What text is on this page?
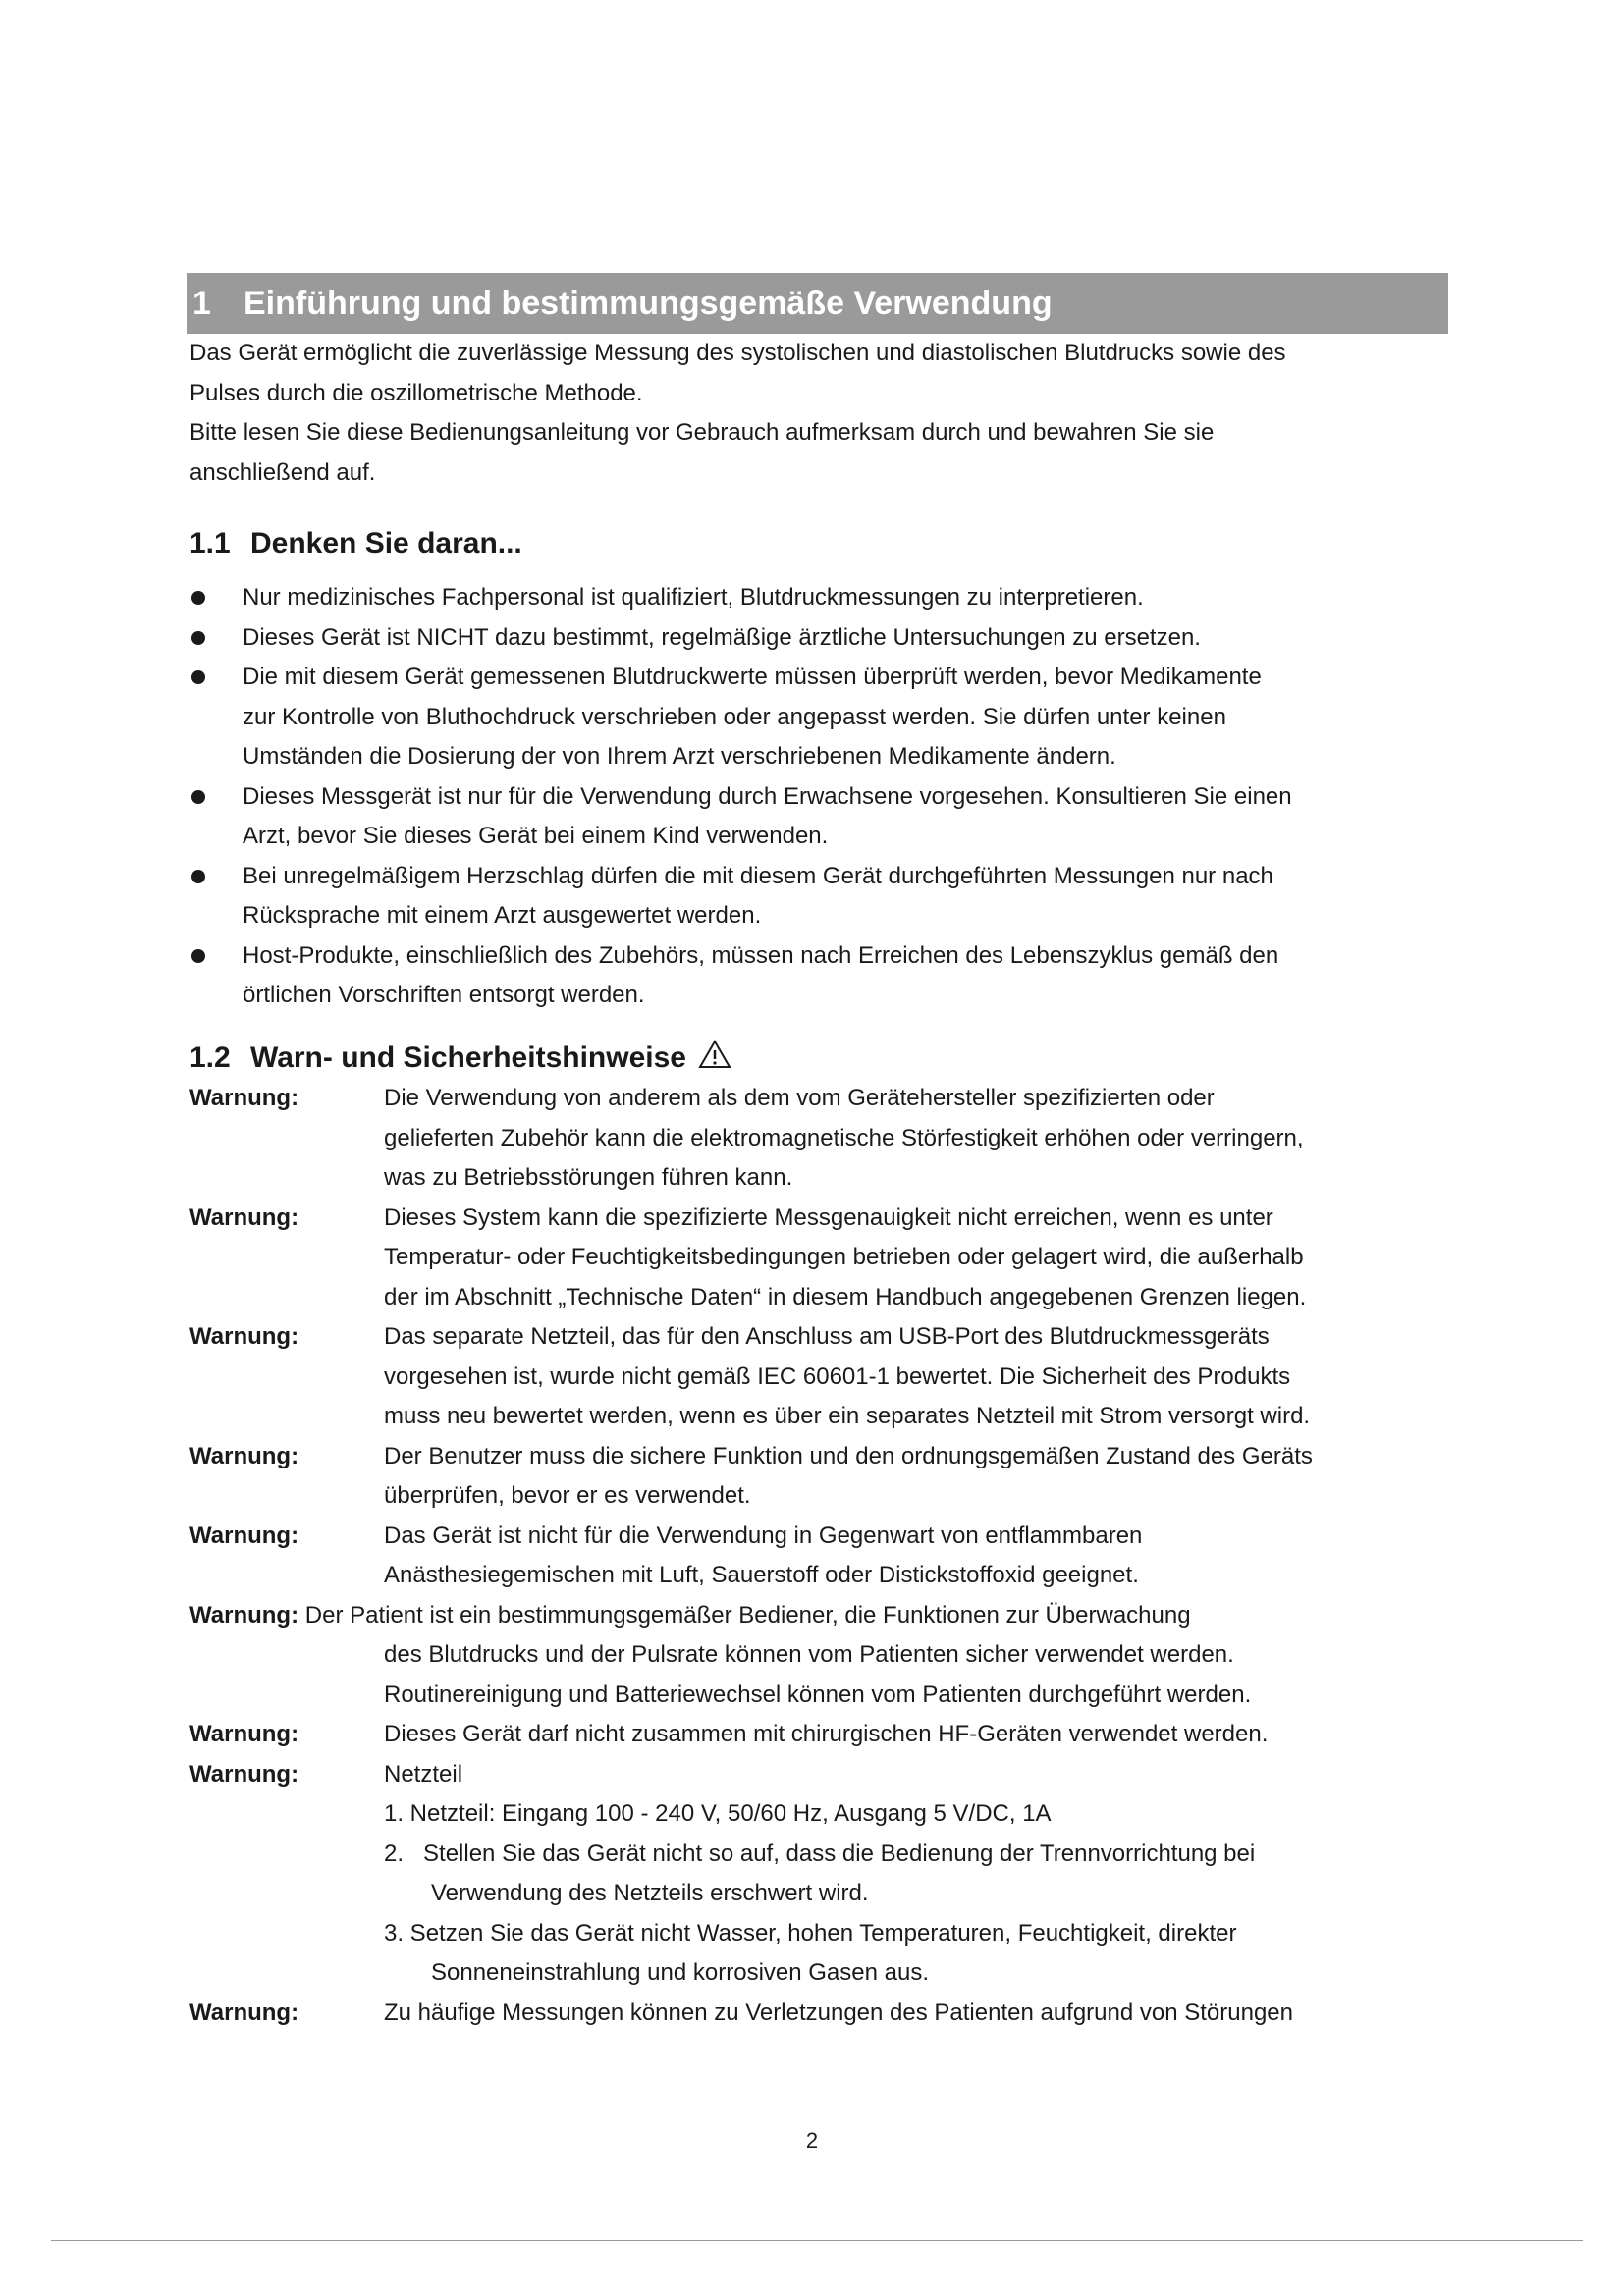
1 Einführung und bestimmungsgemäße Verwendung

Das Gerät ermöglicht die zuverlässige Messung des systolischen und diastolischen Blutdrucks sowie des

Pulses durch die oszillometrische Methode.

Bitte lesen Sie diese Bedienungsanleitung vor Gebrauch aufmerksam durch und bewahren Sie sie

anschließend auf.

1.1 Denken Sie daran...
Nur medizinisches Fachpersonal ist qualifiziert, Blutdruckmessungen zu interpretieren.
Dieses Gerät ist NICHT dazu bestimmt, regelmäßige ärztliche Untersuchungen zu ersetzen.
Die mit diesem Gerät gemessenen Blutdruckwerte müssen überprüft werden, bevor Medikamente
zur Kontrolle von Bluthochdruck verschrieben oder angepasst werden. Sie dürfen unter keinen
Umständen die Dosierung der von Ihrem Arzt verschriebenen Medikamente ändern.
Dieses Messgerät ist nur für die Verwendung durch Erwachsene vorgesehen. Konsultieren Sie einen
Arzt, bevor Sie dieses Gerät bei einem Kind verwenden.
Bei unregelmäßigem Herzschlag dürfen die mit diesem Gerät durchgeführten Messungen nur nach
Rücksprache mit einem Arzt ausgewertet werden.
Host-Produkte, einschließlich des Zubehörs, müssen nach Erreichen des Lebenszyklus gemäß den
örtlichen Vorschriften entsorgt werden.
1.2 Warn- und Sicherheitshinweise
Warnung:	Die Verwendung von anderem als dem vom Gerätehersteller spezifizierten oder
gelieferten Zubehör kann die elektromagnetische Störfestigkeit erhöhen oder verringern,
was zu Betriebsstörungen führen kann.
Warnung:	Dieses System kann die spezifizierte Messgenauigkeit nicht erreichen, wenn es unter
Temperatur- oder Feuchtigkeitsbedingungen betrieben oder gelagert wird, die außerhalb
der im Abschnitt „Technische Daten“ in diesem Handbuch angegebenen Grenzen liegen.
Warnung:	Das separate Netzteil, das für den Anschluss am USB-Port des Blutdruckmessgeräts
vorgesehen ist, wurde nicht gemäß IEC 60601-1 bewertet. Die Sicherheit des Produkts
muss neu bewertet werden, wenn es über ein separates Netzteil mit Strom versorgt wird.
Warnung:	Der Benutzer muss die sichere Funktion und den ordnungsgemäßen Zustand des Geräts
überprüfen, bevor er es verwendet.
Warnung:	Das Gerät ist nicht für die Verwendung in Gegenwart von entflammbaren
Anästhesiegemischen mit Luft, Sauerstoff oder Distickstoffoxid geeignet.
Warnung: Der Patient ist ein bestimmungsgemäßer Bediener, die Funktionen zur Überwachung
des Blutdrucks und der Pulsrate können vom Patienten sicher verwendet werden.
Routinereinigung und Batteriewechsel können vom Patienten durchgeführt werden.
Warnung:	Dieses Gerät darf nicht zusammen mit chirurgischen HF-Geräten verwendet werden.
Warnung:	Netzteil
1. Netzteil: Eingang 100 - 240 V, 50/60 Hz, Ausgang 5 V/DC, 1A
2.   Stellen Sie das Gerät nicht so auf, dass die Bedienung der Trennvorrichtung bei
Verwendung des Netzteils erschwert wird.
3. Setzen Sie das Gerät nicht Wasser, hohen Temperaturen, Feuchtigkeit, direkter
Sonneneinstrahlung und korrosiven Gasen aus.
Warnung:	Zu häufige Messungen können zu Verletzungen des Patienten aufgrund von Störungen
2
